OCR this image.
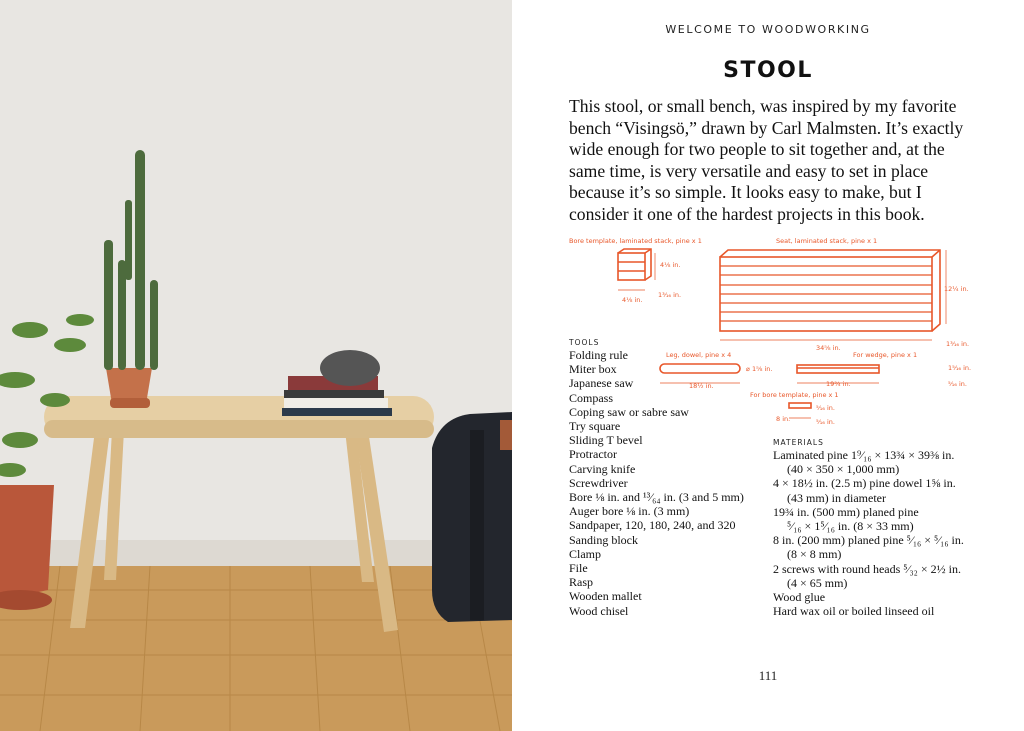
WELCOME TO WOODWORKING
STOOL

This stool, or small bench, was inspired by my favorite bench “Visingsö,” drawn by Carl Malmsten. It’s exactly wide enough for two people to sit together and, at the same time, is very versatile and easy to set in place because it’s so simple. It looks easy to make, but I consider it one of the hardest projects in this book.

Bore template, laminated stack, pine x 1	Seat, laminated stack, pine x 1
4⅛ in.
4⅛ in.
1³⁄₁₆ in.
12¼ in.
34⅝ in.	1³⁄₁₆ in.
Leg, dowel, pine x 4
⌀ 1⅝ in.
18½ in.
For wedge, pine x 1
1⁵⁄₁₆ in.
19¾ in.	⁵⁄₁₆ in.
For bore template, pine x 1
⁵⁄₁₆ in.
8 in.	⁵⁄₁₆ in.
TOOLS
Folding rule
Miter box
Japanese saw
Compass
Coping saw or sabre saw
Try square
Sliding T bevel
Protractor
Carving knife
Screwdriver
Bore ⅛ in. and ¹³⁄₆₄ in. (3 and 5 mm)
Auger bore ⅛ in. (3 mm)
Sandpaper, 120, 180, 240, and 320
Sanding block
Clamp
File
Rasp
Wooden mallet
Wood chisel
MATERIALS
Laminated pine 1⁹⁄₁₆ × 13¾ × 39⅜ in.
(40 × 350 × 1,000 mm)
4 × 18½ in. (2.5 m) pine dowel 1⅝ in.
(43 mm) in diameter
19¾ in. (500 mm) planed pine
⁵⁄₁₆ × 1⁵⁄₁₆ in. (8 × 33 mm)
8 in. (200 mm) planed pine ⁵⁄₁₆ × ⁵⁄₁₆ in.
(8 × 8 mm)
2 screws with round heads ⁵⁄₃₂ × 2½ in.
(4 × 65 mm)
Wood glue
Hard wax oil or boiled linseed oil
111
